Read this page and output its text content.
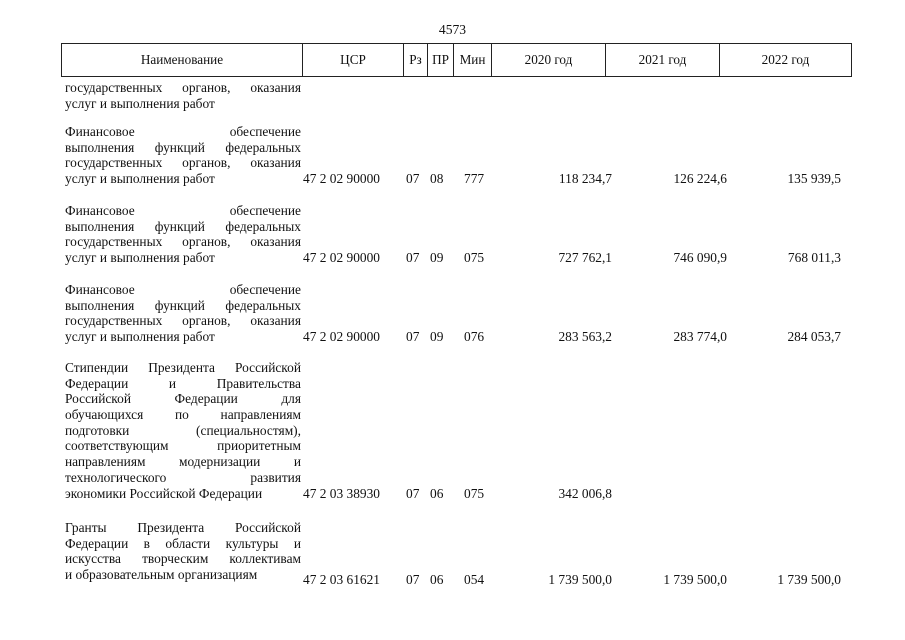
4573
Наименование	ЦСР	Рз ПР Мин	2020 год	2021 год	2022 год
государственных органов, оказания
услуг и выполнения работ
Финансовое обеспечение
выполнения функций федеральных
государственных органов, оказания
услуг и выполнения работ	47 2 02 90000 07 08 777	118 234,7	126 224,6	135 939,5
Финансовое обеспечение
выполнения функций федеральных
государственных органов, оказания
услуг и выполнения работ	47 2 02 90000 07 09 075	727 762,1	746 090,9	768 011,3
Финансовое обеспечение
выполнения функций федеральных
государственных органов, оказания
услуг и выполнения работ	47 2 02 90000 07 09 076	283 563,2	283 774,0	284 053,7
Стипендии Президента Российской
Федерации и Правительства
Российской Федерации для
обучающихся по направлениям
подготовки (специальностям),
соответствующим приоритетным
направлениям модернизации и
технологического развития
экономики Российской Федерации	47 2 03 38930 07 06 075	342 006,8
Гранты Президента Российской
Федерации в области культуры и
искусства творческим коллективам
и образовательным организациям	47 2 03 61621 07 06 054	1 739 500,0	1 739 500,0	1 739 500,0
